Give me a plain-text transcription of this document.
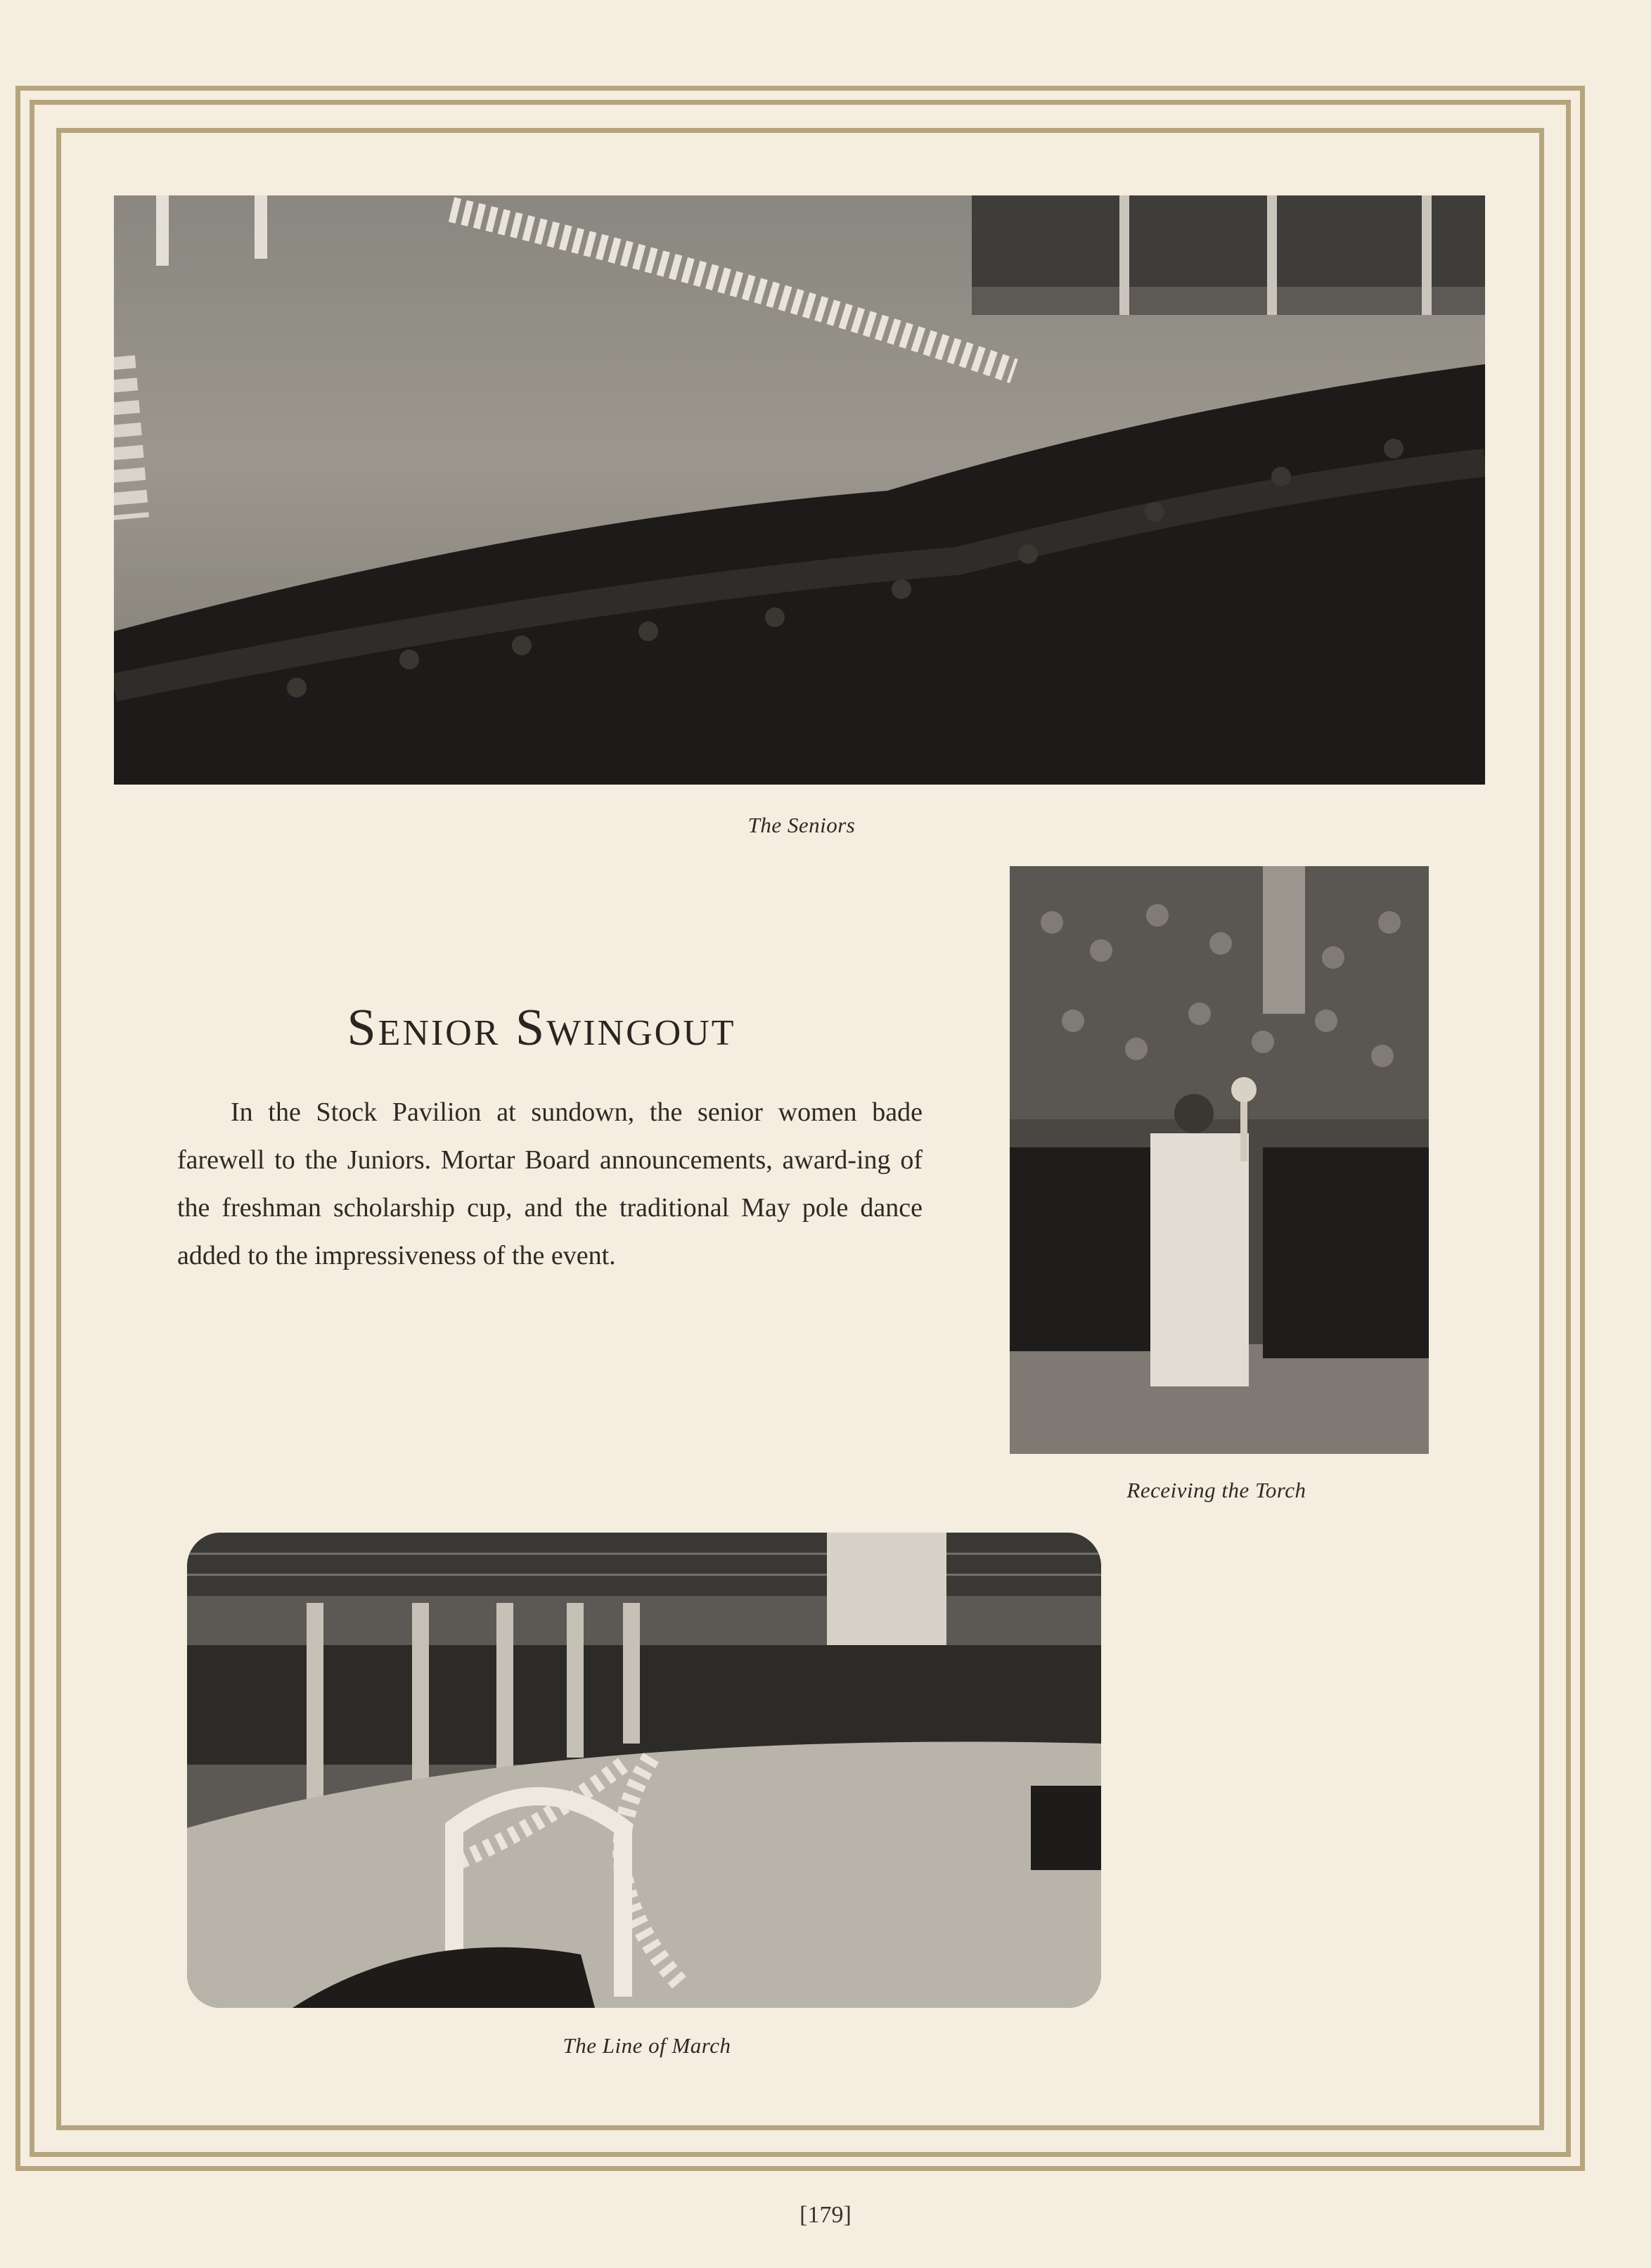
The Seniors
Senior Swingout

In the Stock Pavilion at sundown, the senior women bade farewell to the Juniors. Mortar Board announcements, award‑ing of the freshman scholarship cup, and the traditional May pole dance added to the impressiveness of the event.

Receiving the Torch
The Line of March
[179]
